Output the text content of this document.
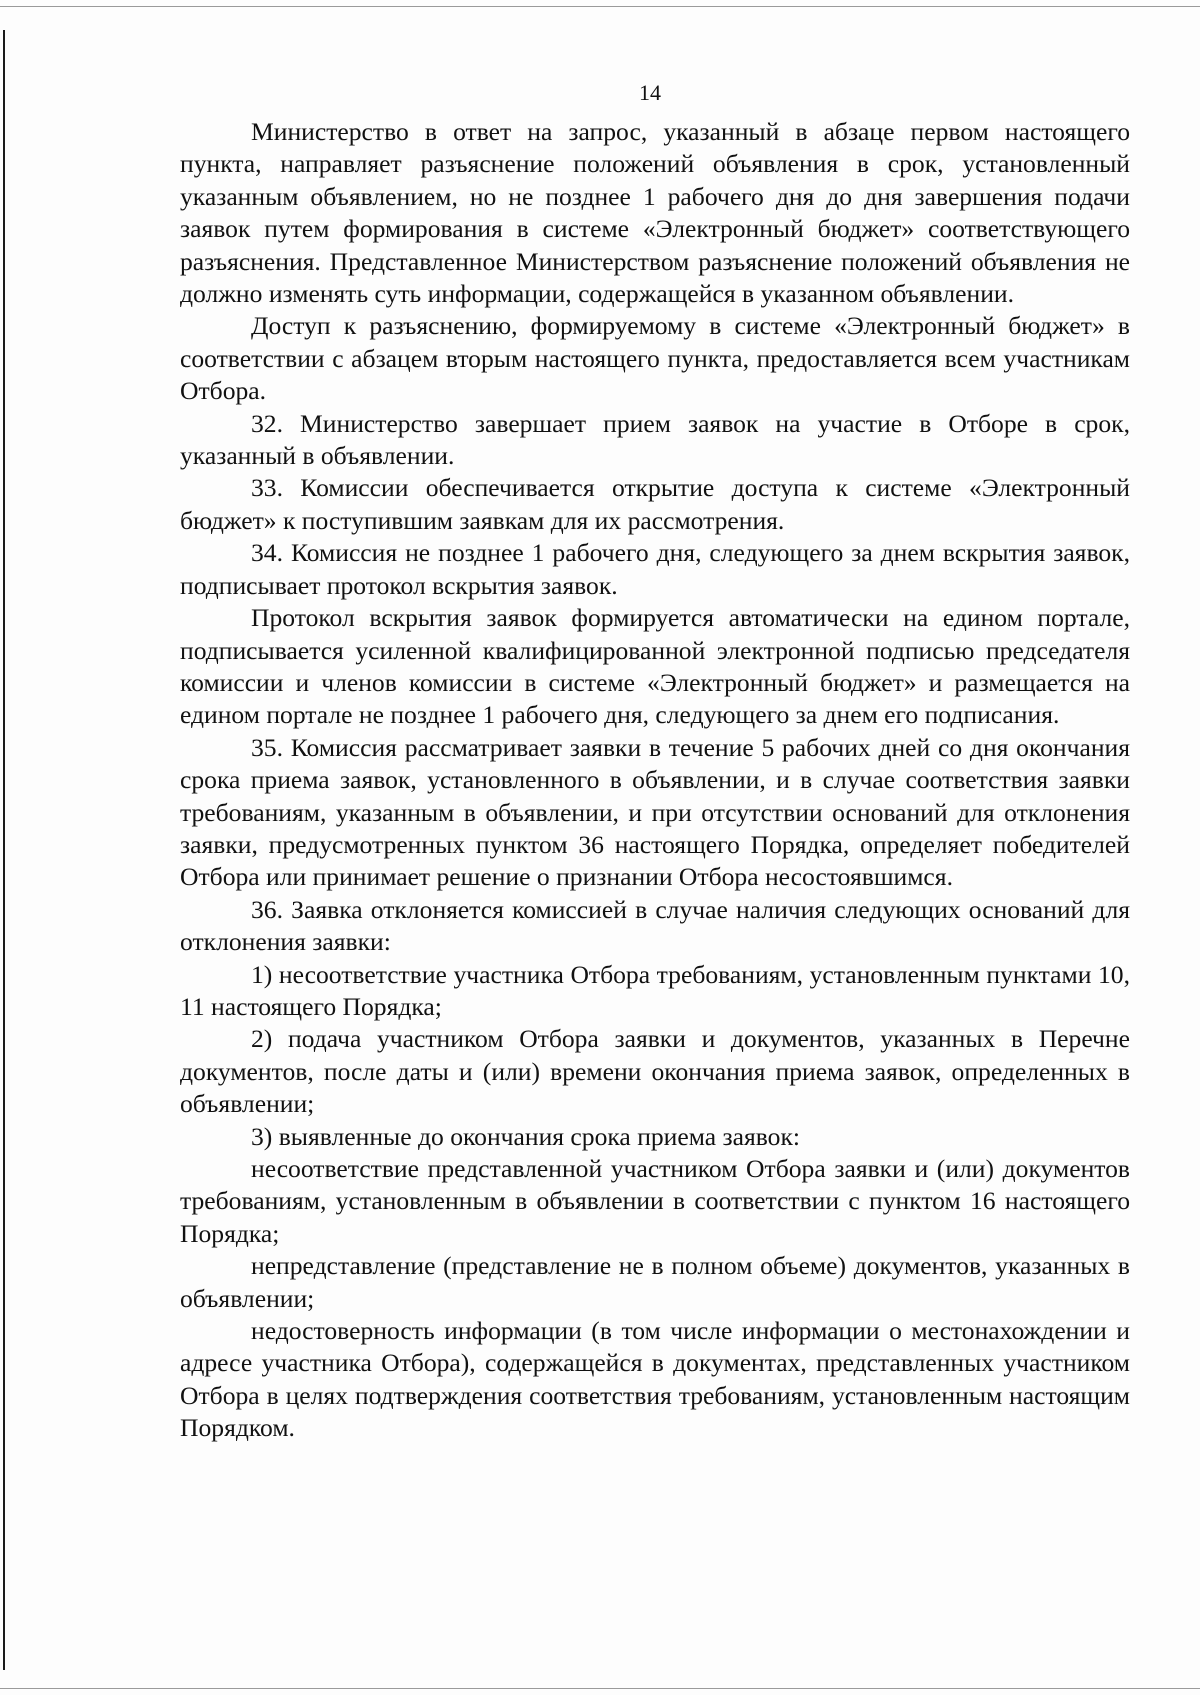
14

Министерство в ответ на запрос, указанный в абзаце первом настоящего пункта, направляет разъяснение положений объявления в срок, установленный указанным объявлением, но не позднее 1 рабочего дня до дня завершения подачи заявок путем формирования в системе «Электронный бюджет» соответствующего разъяснения. Представленное Министерством разъяснение положений объявления не должно изменять суть информации, содержащейся в указанном объявлении.

Доступ к разъяснению, формируемому в системе «Электронный бюджет» в соответствии с абзацем вторым настоящего пункта, предоставляется всем участникам Отбора.

32. Министерство завершает прием заявок на участие в Отборе в срок, указанный в объявлении.

33. Комиссии обеспечивается открытие доступа к системе «Электронный бюджет» к поступившим заявкам для их рассмотрения.

34. Комиссия не позднее 1 рабочего дня, следующего за днем вскрытия заявок, подписывает протокол вскрытия заявок.

Протокол вскрытия заявок формируется автоматически на едином портале, подписывается усиленной квалифицированной электронной подписью председателя комиссии и членов комиссии в системе «Электронный бюджет» и размещается на едином портале не позднее 1 рабочего дня, следующего за днем его подписания.

35. Комиссия рассматривает заявки в течение 5 рабочих дней со дня окончания срока приема заявок, установленного в объявлении, и в случае соответствия заявки требованиям, указанным в объявлении, и при отсутствии оснований для отклонения заявки, предусмотренных пунктом 36 настоящего Порядка, определяет победителей Отбора или принимает решение о признании Отбора несостоявшимся.

36. Заявка отклоняется комиссией в случае наличия следующих оснований для отклонения заявки:

1) несоответствие участника Отбора требованиям, установленным пунктами 10, 11 настоящего Порядка;

2) подача участником Отбора заявки и документов, указанных в Перечне документов, после даты и (или) времени окончания приема заявок, определенных в объявлении;

3) выявленные до окончания срока приема заявок:

несоответствие представленной участником Отбора заявки и (или) документов требованиям, установленным в объявлении в соответствии с пунктом 16 настоящего Порядка;

непредставление (представление не в полном объеме) документов, указанных в объявлении;

недостоверность информации (в том числе информации о местонахождении и адресе участника Отбора), содержащейся в документах, представленных участником Отбора в целях подтверждения соответствия требованиям, установленным настоящим Порядком.
